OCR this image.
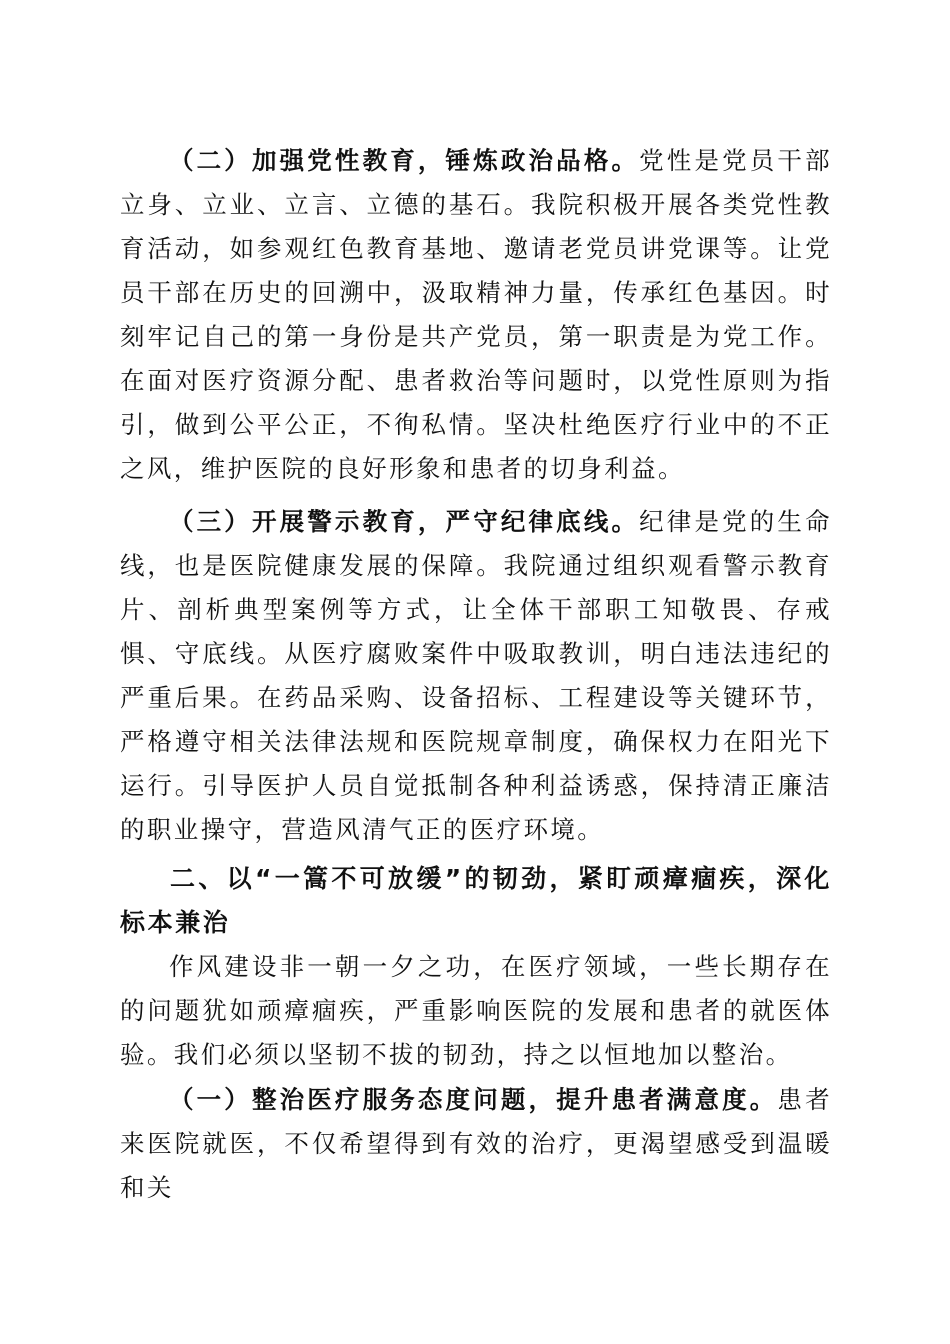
（二）加强党性教育，锤炼政治品格。党性是党员干部立身、立业、立言、立德的基石。我院积极开展各类党性教育活动，如参观红色教育基地、邀请老党员讲党课等。让党员干部在历史的回溯中，汲取精神力量，传承红色基因。时刻牢记自己的第一身份是共产党员，第一职责是为党工作。在面对医疗资源分配、患者救治等问题时，以党性原则为指引，做到公平公正，不徇私情。坚决杜绝医疗行业中的不正之风，维护医院的良好形象和患者的切身利益。

（三）开展警示教育，严守纪律底线。纪律是党的生命线，也是医院健康发展的保障。我院通过组织观看警示教育片、剖析典型案例等方式，让全体干部职工知敬畏、存戒惧、守底线。从医疗腐败案件中吸取教训，明白违法违纪的严重后果。在药品采购、设备招标、工程建设等关键环节，严格遵守相关法律法规和医院规章制度，确保权力在阳光下运行。引导医护人员自觉抵制各种利益诱惑，保持清正廉洁的职业操守，营造风清气正的医疗环境。

二、以“一篙不可放缓”的韧劲，紧盯顽瘴痼疾，深化标本兼治

作风建设非一朝一夕之功，在医疗领域，一些长期存在的问题犹如顽瘴痼疾，严重影响医院的发展和患者的就医体验。我们必须以坚韧不拔的韧劲，持之以恒地加以整治。

（一）整治医疗服务态度问题，提升患者满意度。患者来医院就医，不仅希望得到有效的治疗，更渴望感受到温暖和关
